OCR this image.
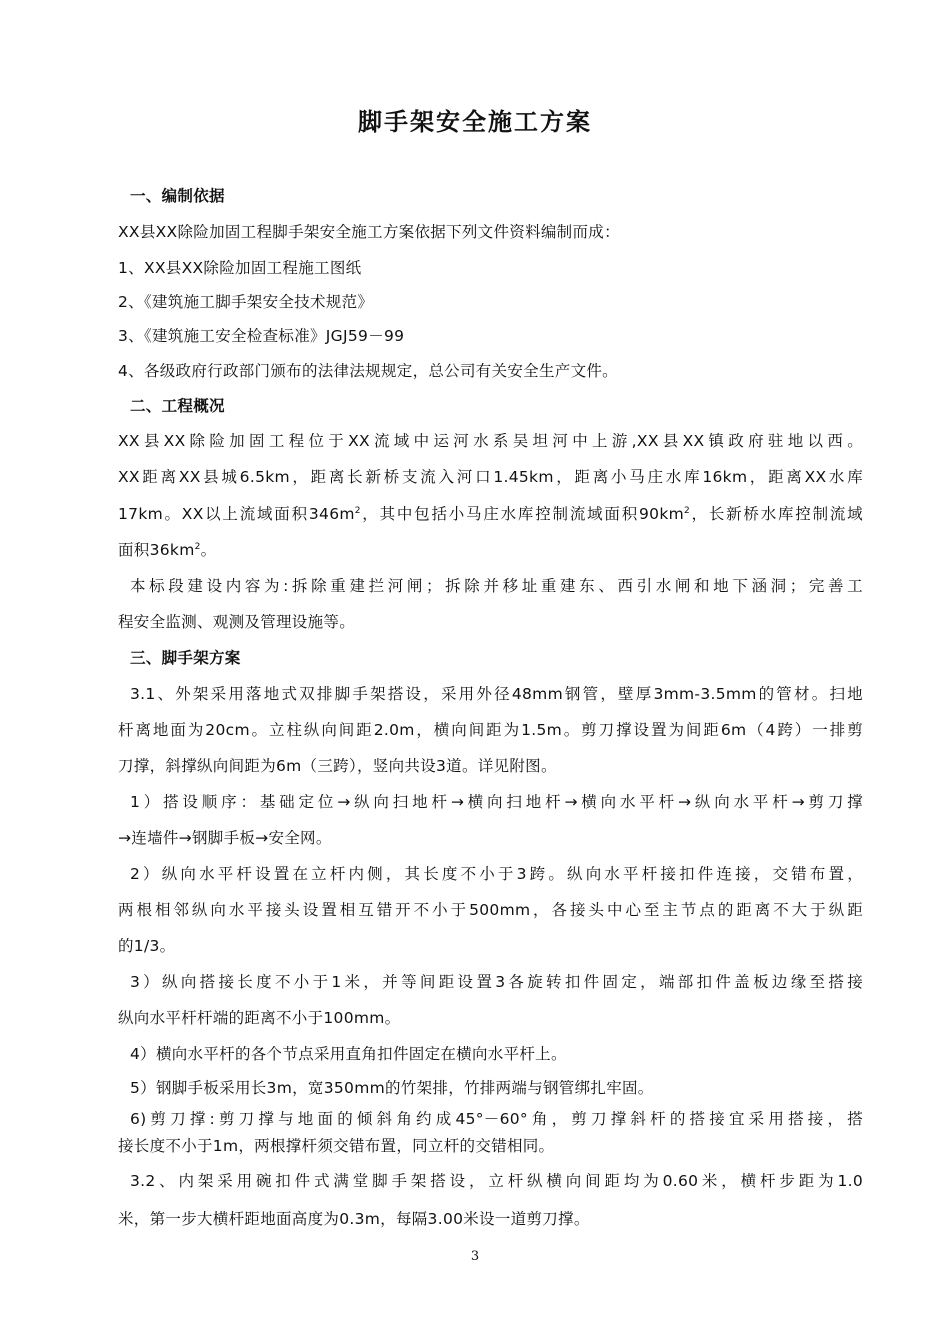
脚手架安全施工方案
一、编制依据
XX县XX除险加固工程脚手架安全施工方案依据下列文件资料编制而成：
1、XX县XX除险加固工程施工图纸
2、《建筑施工脚手架安全技术规范》
3、《建筑施工安全检查标准》JGJ59－99
4、各级政府行政部门颁布的法律法规规定，总公司有关安全生产文件。
二、工程概况
XX县XX除险加固工程位于XX流域中运河水系吴坦河中上游,XX县XX镇政府驻地以西。
XX距离XX县城6.5km，距离长新桥支流入河口1.45km，距离小马庄水库16km，距离XX水库
17km。XX以上流域面积$346m^2$，其中包括小马庄水库控制流域面积$90km^2$，长新桥水库控制流域
面积$36km^2$。
本标段建设内容为:拆除重建拦河闸；拆除并移址重建东、西引水闸和地下涵洞；完善工
程安全监测、观测及管理设施等。
三、脚手架方案
3.1、外架采用落地式双排脚手架搭设，采用外径48mm钢管，壁厚3mm-3.5mm的管材。扫地
杆离地面为20cm。立柱纵向间距2.0m，横向间距为1.5m。剪刀撑设置为间距6m（4跨）一排剪
刀撑，斜撑纵向间距为6m（三跨），竖向共设3道。详见附图。
1）搭设顺序：基础定位→纵向扫地杆→横向扫地杆→横向水平杆→纵向水平杆→剪刀撑
→连墙件→钢脚手板→安全网。
2）纵向水平杆设置在立杆内侧，其长度不小于3跨。纵向水平杆接扣件连接，交错布置，
两根相邻纵向水平接头设置相互错开不小于500mm，各接头中心至主节点的距离不大于纵距
的1/3。
3）纵向搭接长度不小于1米，并等间距设置3各旋转扣件固定，端部扣件盖板边缘至搭接
纵向水平杆杆端的距离不小于100mm。
4）横向水平杆的各个节点采用直角扣件固定在横向水平杆上。
5）钢脚手板采用长3m，宽350mm的竹架排，竹排两端与钢管绑扎牢固。
6)剪刀撑:剪刀撑与地面的倾斜角约成45°－60°角，剪刀撑斜杆的搭接宜采用搭接，搭
接长度不小于1m，两根撑杆须交错布置，同立杆的交错相同。
3.2、内架采用碗扣件式满堂脚手架搭设，立杆纵横向间距均为0.60米，横杆步距为1.0
米，第一步大横杆距地面高度为0.3m，每隔3.00米设一道剪刀撑。
3
